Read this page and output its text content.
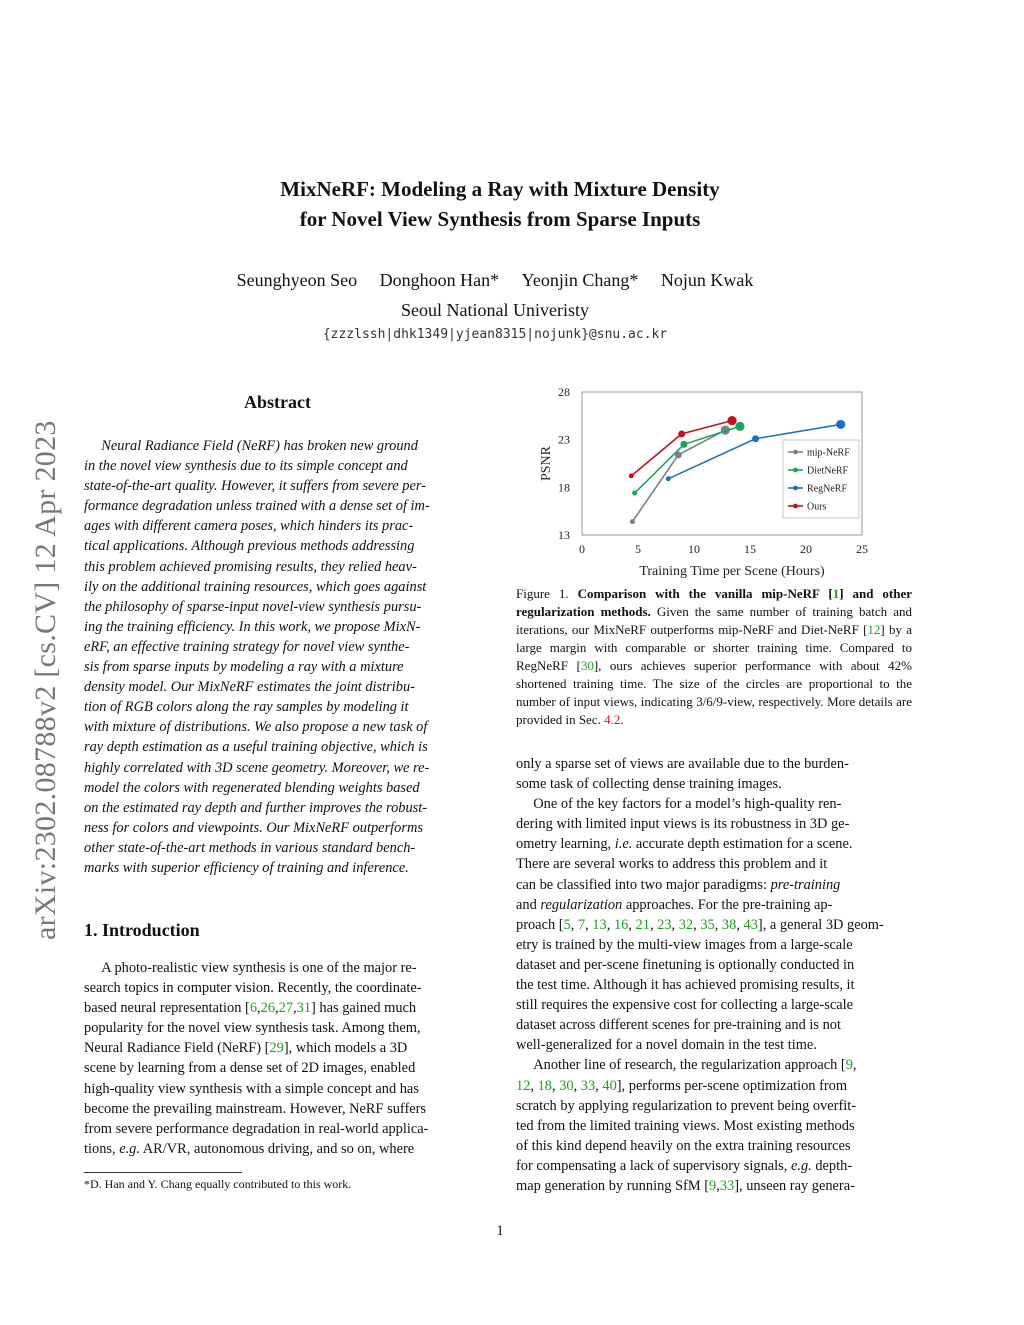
arXiv:2302.08788v2 [cs.CV] 12 Apr 2023
MixNeRF: Modeling a Ray with Mixture Density
for Novel View Synthesis from Sparse Inputs
Seunghyeon Seo Donghoon Han* Yeonjin Chang* Nojun Kwak
Seoul National Univeristy
{zzzlssh|dhk1349|yjean8315|nojunk}@snu.ac.kr
Abstract

Neural Radiance Field (NeRF) has broken new ground

in the novel view synthesis due to its simple concept and

state-of-the-art quality. However, it suffers from severe per-

formance degradation unless trained with a dense set of im-

ages with different camera poses, which hinders its prac-

tical applications. Although previous methods addressing

this problem achieved promising results, they relied heav-

ily on the additional training resources, which goes against

the philosophy of sparse-input novel-view synthesis pursu-

ing the training efficiency. In this work, we propose MixN-

eRF, an effective training strategy for novel view synthe-

sis from sparse inputs by modeling a ray with a mixture

density model. Our MixNeRF estimates the joint distribu-

tion of RGB colors along the ray samples by modeling it

with mixture of distributions. We also propose a new task of

ray depth estimation as a useful training objective, which is

highly correlated with 3D scene geometry. Moreover, we re-

model the colors with regenerated blending weights based

on the estimated ray depth and further improves the robust-

ness for colors and viewpoints. Our MixNeRF outperforms

other state-of-the-art methods in various standard bench-

marks with superior efficiency of training and inference.

1. Introduction

A photo-realistic view synthesis is one of the major re-

search topics in computer vision. Recently, the coordinate-

based neural representation [6,26,27,31] has gained much

popularity for the novel view synthesis task. Among them,

Neural Radiance Field (NeRF) [29], which models a 3D

scene by learning from a dense set of 2D images, enabled

high-quality view synthesis with a simple concept and has

become the prevailing mainstream. However, NeRF suffers

from severe performance degradation in real-world applica-

tions, e.g. AR/VR, autonomous driving, and so on, where

*D. Han and Y. Chang equally contributed to this work.
0	5	10	15	20	25
13
18
23
28
Training Time per Scene (Hours)
PSNR	mip-NeRF
DietNeRF
RegNeRF
Ours
Figure 1. Comparison with the vanilla mip-NeRF [1] and other regularization methods. Given the same number of training batch and iterations, our MixNeRF outperforms mip-NeRF and Diet-NeRF [12] by a large margin with comparable or shorter training time. Compared to RegNeRF [30], ours achieves superior performance with about 42% shortened training time. The size of the circles are proportional to the number of input views, indicating 3/6/9-view, respectively. More details are provided in Sec. 4.2.

only a sparse set of views are available due to the burden-

some task of collecting dense training images.

One of the key factors for a model’s high-quality ren-

dering with limited input views is its robustness in 3D ge-

ometry learning, i.e. accurate depth estimation for a scene.

There are several works to address this problem and it

can be classified into two major paradigms: pre-training

and regularization approaches. For the pre-training ap-

proach [5, 7, 13, 16, 21, 23, 32, 35, 38, 43], a general 3D geom-

etry is trained by the multi-view images from a large-scale

dataset and per-scene finetuning is optionally conducted in

the test time. Although it has achieved promising results, it

still requires the expensive cost for collecting a large-scale

dataset across different scenes for pre-training and is not

well-generalized for a novel domain in the test time.

Another line of research, the regularization approach [9,

12, 18, 30, 33, 40], performs per-scene optimization from

scratch by applying regularization to prevent being overfit-

ted from the limited training views. Most existing methods

of this kind depend heavily on the extra training resources

for compensating a lack of supervisory signals, e.g. depth-

map generation by running SfM [9,33], unseen ray genera-

1
